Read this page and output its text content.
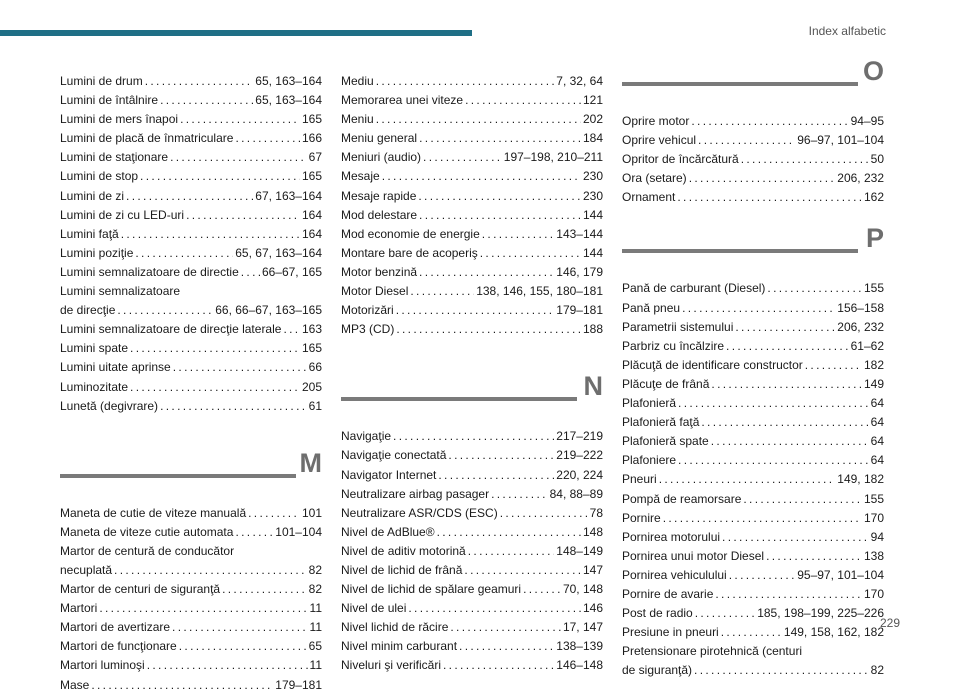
Index alfabetic
Lumini de drum . . .	65, 163–164
Lumini de întâlnire . . .	65, 163–164
Lumini de mers înapoi . . .	165
Lumini de placă de înmatriculare . . .	166
Lumini de staţionare . . .	67
Lumini de stop . . .	165
Lumini de zi . . .	67, 163–164
Lumini de zi cu LED-uri . . .	164
Lumini faţă . . .	164
Lumini poziţie . . .	65, 67, 163–164
Lumini semnalizatoare de directie . . . 66–67, 165
Lumini semnalizatoare
de direcţie . . .	66, 66–67, 163–165
Lumini semnalizatoare de direcţie laterale . . . 163
Lumini spate . . .	165
Lumini uitate aprinse . . .	66
Luminozitate . . .	205
Lunetă (degivrare) . . .	61
M
Maneta de cutie de viteze manuală . . .	101
Maneta de viteze cutie automata . . .	101–104
Martor de centură de conducător
necuplată . . .	82
Martor de centuri de siguranţă . . .	82
Martori . . .	11
Martori de avertizare . . .	11
Martori de funcţionare . . .	65
Martori luminoşi . . .	11
Mase . . .	179–181
Mediu . . .	7, 32, 64
Memorarea unei viteze . . .	121
Meniu . . .	202
Meniu general . . .	184
Meniuri (audio) . . .	197–198, 210–211
Mesaje . . .	230
Mesaje rapide . . .	230
Mod delestare . . .	144
Mod economie de energie . . .	143–144
Montare bare de acoperiş . . .	144
Motor benzină . . .	146, 179
Motor Diesel . . .	138, 146, 155, 180–181
Motorizări . . .	179–181
MP3 (CD) . . .	188
N
Navigaţie . . .	217–219
Navigaţie conectată . . .	219–222
Navigator Internet . . .	220, 224
Neutralizare airbag pasager . . .	84, 88–89
Neutralizare ASR/CDS (ESC) . . .	78
Nivel de AdBlue® . . .	148
Nivel de aditiv motorină . . .	148–149
Nivel de lichid de frână . . .	147
Nivel de lichid de spălare geamuri . . .	70, 148
Nivel de ulei . . .	146
Nivel lichid de răcire . . .	17, 147
Nivel minim carburant . . .	138–139
Niveluri şi verificări . . .	146–148
O
Oprire motor . . .	94–95
Oprire vehicul . . .	96–97, 101–104
Opritor de încărcătură . . .	50
Ora (setare) . . .	206, 232
Ornament . . .	162
P
Pană de carburant (Diesel) . . .	155
Pană pneu . . .	156–158
Parametrii sistemului . . .	206, 232
Parbriz cu încălzire . . .	61–62
Plăcuţă de identificare constructor . . .	182
Plăcuţe de frână . . .	149
Plafonieră . . .	64
Plafonieră faţă . . .	64
Plafonieră spate . . .	64
Plafoniere . . .	64
Pneuri . . .	149, 182
Pompă de reamorsare . . .	155
Pornire . . .	170
Pornirea motorului . . .	94
Pornirea unui motor Diesel . . .	138
Pornirea vehiculului . . .	95–97, 101–104
Pornire de avarie . . .	170
Post de radio . . .	185, 198–199, 225–226
Presiune in pneuri . . .	149, 158, 162, 182
Pretensionare pirotehnică (centuri
de siguranţă) . . .	82
229
